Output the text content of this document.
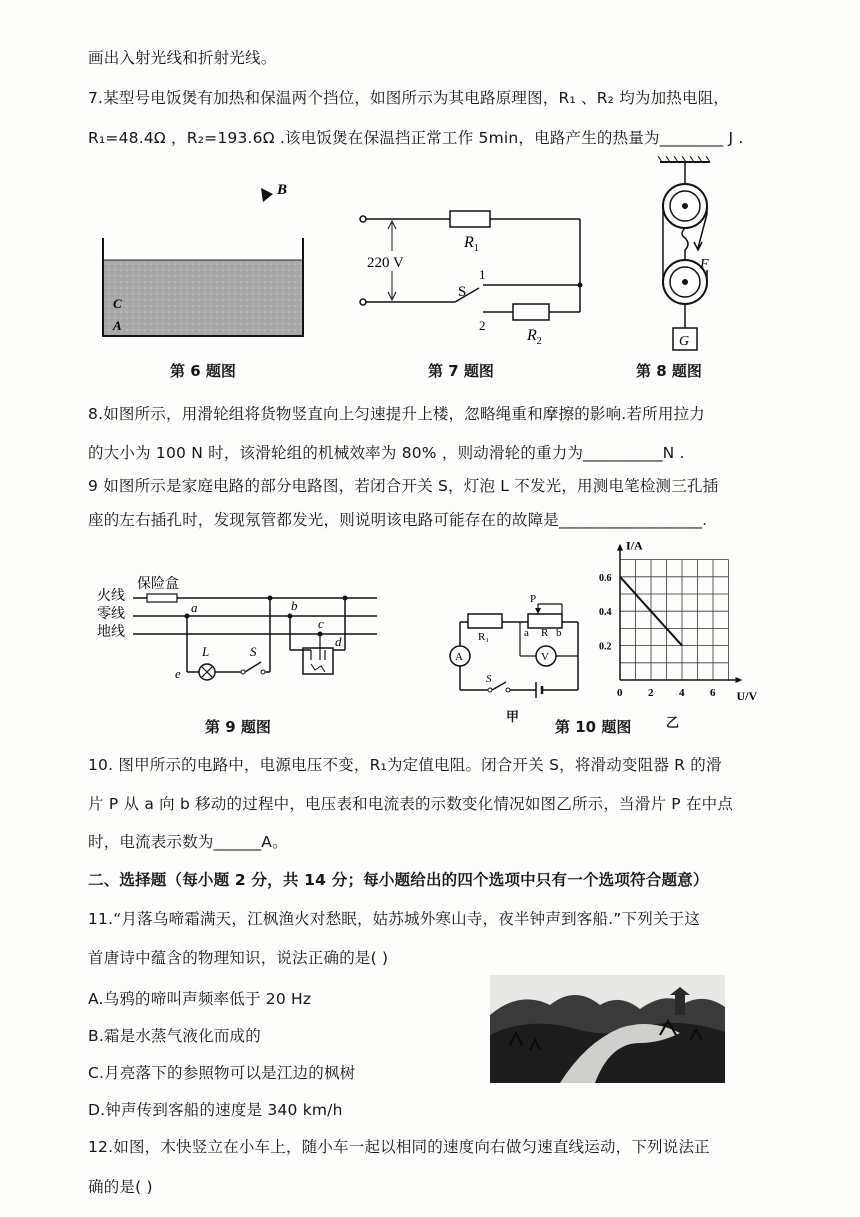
画出入射光线和折射光线。
7.某型号电饭煲有加热和保温两个挡位，如图所示为其电路原理图，R₁ 、R₂ 均为加热电阻，
R₁=48.4Ω ，R₂=193.6Ω .该电饭煲在保温挡正常工作 5min，电路产生的热量为________ J .
B
C
A
第 6 题图
220 V
$R_1$
$R_2$
S
1
2
第 7 题图
F
G
第 8 题图
8.如图所示，用滑轮组将货物竖直向上匀速提升上楼，忽略绳重和摩擦的影响.若所用拉力
的大小为 100 N 时，该滑轮组的机械效率为 80% ，则动滑轮的重力为__________N .
9 如图所示是家庭电路的部分电路图，若闭合开关 S，灯泡 L 不发光，用测电笔检测三孔插
座的左右插孔时，发现氖管都发光，则说明该电路可能存在的故障是__________________.
火线
零线
地线
保险盒
a	b
c
L
e
S
d
第 9 题图
R₁	a R b
P
V
A
S
甲
第 10 题图	乙
0 2 4 6
0.2
0.4
0.6
I/A
U/V
10. 图甲所示的电路中，电源电压不变，R₁为定值电阻。闭合开关 S，将滑动变阻器 R 的滑
片 P 从 a 向 b 移动的过程中，电压表和电流表的示数变化情况如图乙所示，当滑片 P 在中点
时，电流表示数为______A。
二、选择题（每小题 2 分，共 14 分；每小题给出的四个选项中只有一个选项符合题意）
11.“月落乌啼霜满天，江枫渔火对愁眠，姑苏城外寒山寺，夜半钟声到客船.”下列关于这
首唐诗中蕴含的物理知识，说法正确的是( )
A.乌鸦的啼叫声频率低于 20 Hz
B.霜是水蒸气液化而成的
C.月亮落下的参照物可以是江边的枫树
D.钟声传到客船的速度是 340 km/h
12.如图，木快竖立在小车上，随小车一起以相同的速度向右做匀速直线运动，下列说法正
确的是( )
